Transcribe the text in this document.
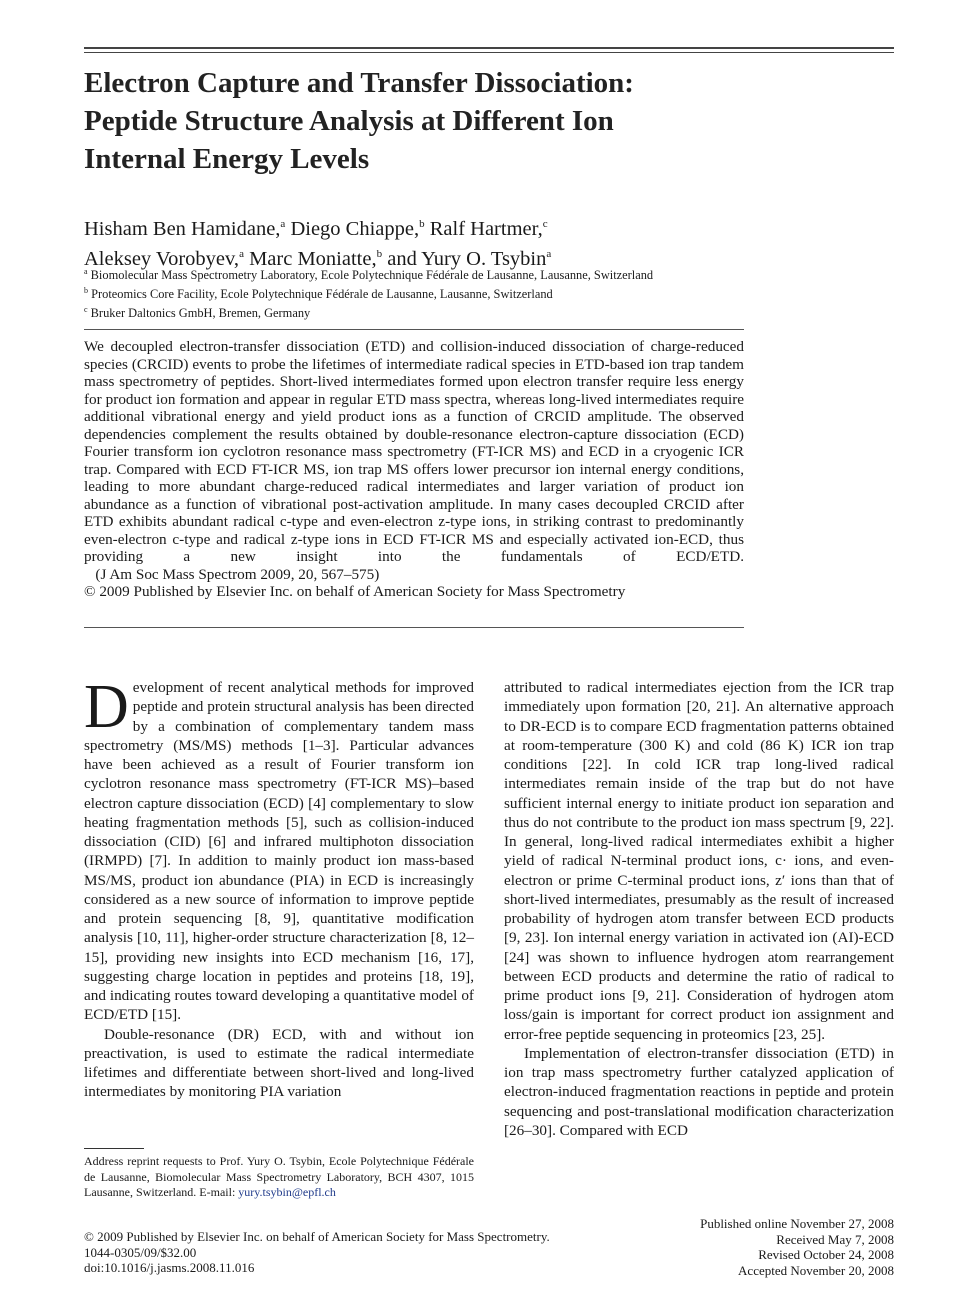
Electron Capture and Transfer Dissociation:
Peptide Structure Analysis at Different Ion
Internal Energy Levels
Hisham Ben Hamidane,$^a$ Diego Chiappe,$^b$ Ralf Hartmer,$^c$
Aleksey Vorobyev,$^a$ Marc Moniatte,$^b$ and Yury O. Tsybin$^a$
$^a$ Biomolecular Mass Spectrometry Laboratory, Ecole Polytechnique Fédérale de Lausanne, Lausanne, Switzerland
$^b$ Proteomics Core Facility, Ecole Polytechnique Fédérale de Lausanne, Lausanne, Switzerland
$^c$ Bruker Daltonics GmbH, Bremen, Germany
We decoupled electron-transfer dissociation (ETD) and collision-induced dissociation of charge-reduced species (CRCID) events to probe the lifetimes of intermediate radical species in ETD-based ion trap tandem mass spectrometry of peptides. Short-lived intermediates formed upon electron transfer require less energy for product ion formation and appear in regular ETD mass spectra, whereas long-lived intermediates require additional vibrational energy and yield product ions as a function of CRCID amplitude. The observed dependencies complement the results obtained by double-resonance electron-capture dissociation (ECD) Fourier transform ion cyclotron resonance mass spectrometry (FT-ICR MS) and ECD in a cryogenic ICR trap. Compared with ECD FT-ICR MS, ion trap MS offers lower precursor ion internal energy conditions, leading to more abundant charge-reduced radical intermediates and larger variation of product ion abundance as a function of vibrational post-activation amplitude. In many cases decoupled CRCID after ETD exhibits abundant radical c-type and even-electron z-type ions, in striking contrast to predominantly even-electron c-type and radical z-type ions in ECD FT-ICR MS and especially activated ion-ECD, thus providing a new insight into the fundamentals of ECD/ETD.    (J Am Soc Mass Spectrom 2009, 20, 567–575)
© 2009 Published by Elsevier Inc. on behalf of American Society for Mass Spectrometry

Development of recent analytical methods for improved peptide and protein structural analysis has been directed by a combination of complementary tandem mass spectrometry (MS/MS) methods [1–3]. Particular advances have been achieved as a result of Fourier transform ion cyclotron resonance mass spectrometry (FT-ICR MS)–based electron capture dissociation (ECD) [4] complementary to slow heating fragmentation methods [5], such as collision-induced dissociation (CID) [6] and infrared multiphoton dissociation (IRMPD) [7]. In addition to mainly product ion mass-based MS/MS, product ion abundance (PIA) in ECD is increasingly considered as a new source of information to improve peptide and protein sequencing [8, 9], quantitative modification analysis [10, 11], higher-order structure characterization [8, 12–15], providing new insights into ECD mechanism [16, 17], suggesting charge location in peptides and proteins [18, 19], and indicating routes toward developing a quantitative model of ECD/ETD [15].

Double-resonance (DR) ECD, with and without ion preactivation, is used to estimate the radical intermediate lifetimes and differentiate between short-lived and long-lived intermediates by monitoring PIA variation

attributed to radical intermediates ejection from the ICR trap immediately upon formation [20, 21]. An alternative approach to DR-ECD is to compare ECD fragmentation patterns obtained at room-temperature (300 K) and cold (86 K) ICR ion trap conditions [22]. In cold ICR trap long-lived radical intermediates remain inside of the trap but do not have sufficient internal energy to initiate product ion separation and thus do not contribute to the product ion mass spectrum [9, 22]. In general, long-lived radical intermediates exhibit a higher yield of radical N-terminal product ions, c· ions, and even-electron or prime C-terminal product ions, z′ ions than that of short-lived intermediates, presumably as the result of increased probability of hydrogen atom transfer between ECD products [9, 23]. Ion internal energy variation in activated ion (AI)-ECD [24] was shown to influence hydrogen atom rearrangement between ECD products and determine the ratio of radical to prime product ions [9, 21]. Consideration of hydrogen atom loss/gain is important for correct product ion assignment and error-free peptide sequencing in proteomics [23, 25].

Implementation of electron-transfer dissociation (ETD) in ion trap mass spectrometry further catalyzed application of electron-induced fragmentation reactions in peptide and protein sequencing and post-translational modification characterization [26–30]. Compared with ECD

Address reprint requests to Prof. Yury O. Tsybin, Ecole Polytechnique Fédérale de Lausanne, Biomolecular Mass Spectrometry Laboratory, BCH 4307, 1015 Lausanne, Switzerland. E-mail: yury.tsybin@epfl.ch
© 2009 Published by Elsevier Inc. on behalf of American Society for Mass Spectrometry.
1044-0305/09/$32.00
doi:10.1016/j.jasms.2008.11.016
Published online November 27, 2008
Received May 7, 2008
Revised October 24, 2008
Accepted November 20, 2008
